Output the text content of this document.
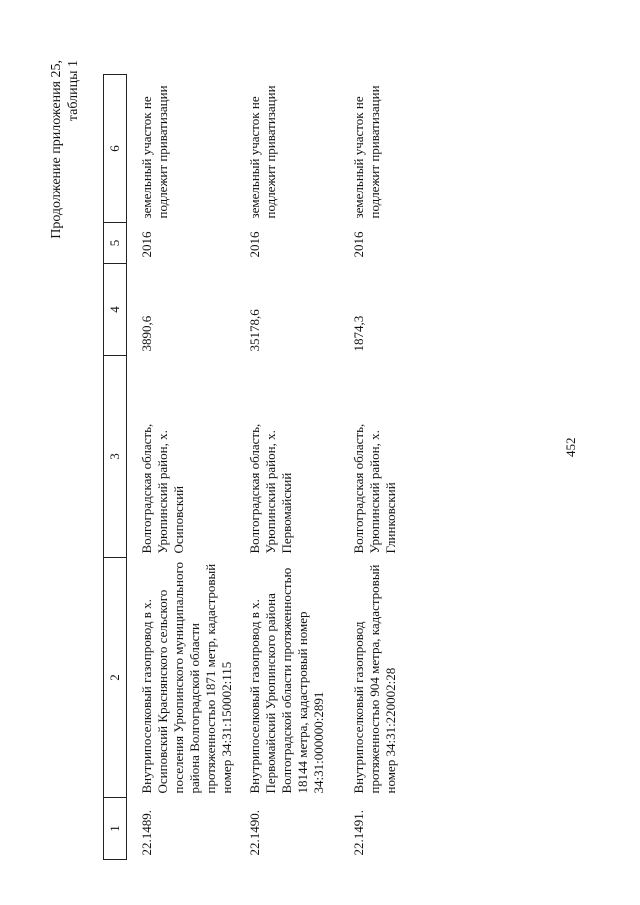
452
Продолжение приложения 25, таблицы 1
1	2	3	4	5	6
22.1489.	Внутрипоселковый газопровод в х. Осиповский Краснянского сельского поселения Урюпинского муниципального района Волгоградской области протяженностью 1871 метр, кадастровый номер 34:31:150002:115	Волгоградская область, Урюпинский район, х. Осиповский	3890,6	2016	земельный участок не подлежит приватизации
22.1490.	Внутрипоселковый газопровод в х. Первомайский Урюпинского района Волгоградской области протяженностью 18144 метра, кадастровый номер 34:31:000000:2891	Волгоградская область, Урюпинский район, х. Первомайский	35178,6	2016	земельный участок не подлежит приватизации
22.1491.	Внутрипоселковый газопровод протяженностью 904 метра, кадастровый номер 34:31:220002:28	Волгоградская область, Урюпинский район, х. Глинковский	1874,3	2016	земельный участок не подлежит приватизации
